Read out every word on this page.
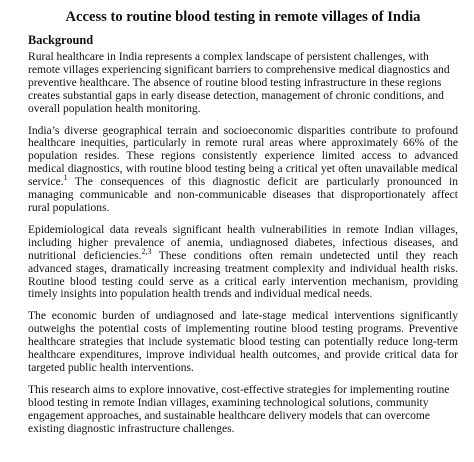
Access to routine blood testing in remote villages of India
Background

Rural healthcare in India represents a complex landscape of persistent challenges, with remote villages experiencing significant barriers to comprehensive medical diagnostics and preventive healthcare. The absence of routine blood testing infrastructure in these regions creates substantial gaps in early disease detection, management of chronic conditions, and overall population health monitoring.

India’s diverse geographical terrain and socioeconomic disparities contribute to profound healthcare inequities, particularly in remote rural areas where approximately 66% of the population resides. These regions consistently experience limited access to advanced medical diagnostics, with routine blood testing being a critical yet often unavailable medical service.$^1$ The consequences of this diagnostic deficit are particularly pronounced in managing communicable and non-communicable diseases that disproportionately affect rural populations.

Epidemiological data reveals significant health vulnerabilities in remote Indian villages, including higher prevalence of anemia, undiagnosed diabetes, infectious diseases, and nutritional deficiencies.$^{2,3}$ These conditions often remain undetected until they reach advanced stages, dramatically increasing treatment complexity and individual health risks. Routine blood testing could serve as a critical early intervention mechanism, providing timely insights into population health trends and individual medical needs.

The economic burden of undiagnosed and late-stage medical interventions significantly outweighs the potential costs of implementing routine blood testing programs. Preventive healthcare strategies that include systematic blood testing can potentially reduce long-term healthcare expenditures, improve individual health outcomes, and provide critical data for targeted public health interventions.

This research aims to explore innovative, cost-effective strategies for implementing routine blood testing in remote Indian villages, examining technological solutions, community engagement approaches, and sustainable healthcare delivery models that can overcome existing diagnostic infrastructure challenges.
